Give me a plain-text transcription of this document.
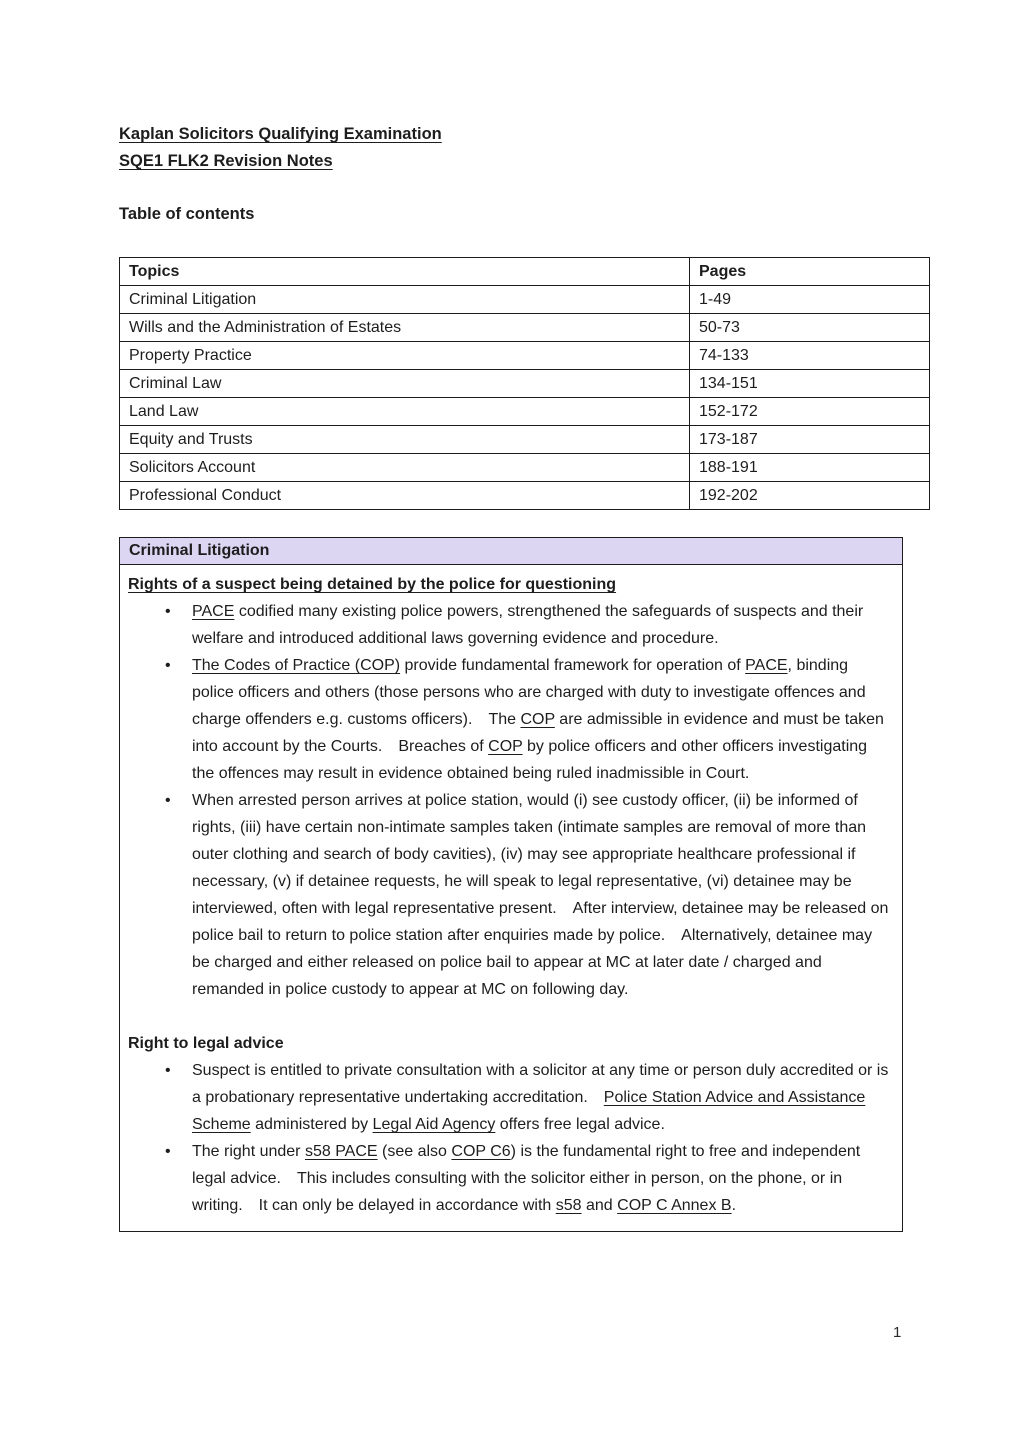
Kaplan Solicitors Qualifying Examination
SQE1 FLK2 Revision Notes
Table of contents
Topics	Pages
Criminal Litigation	1-49
Wills and the Administration of Estates	50-73
Property Practice	74-133
Criminal Law	134-151
Land Law	152-172
Equity and Trusts	173-187
Solicitors Account	188-191
Professional Conduct	192-202
Criminal Litigation
Rights of a suspect being detained by the police for questioning
•	PACE codified many existing police powers, strengthened the safeguards of suspects and their welfare and introduced additional laws governing evidence and procedure.
•	The Codes of Practice (COP) provide fundamental framework for operation of PACE, binding police officers and others (those persons who are charged with duty to investigate offences and charge offenders e.g. customs officers). The COP are admissible in evidence and must be taken into account by the Courts. Breaches of COP by police officers and other officers investigating the offences may result in evidence obtained being ruled inadmissible in Court.
•	When arrested person arrives at police station, would (i) see custody officer, (ii) be informed of rights, (iii) have certain non-intimate samples taken (intimate samples are removal of more than outer clothing and search of body cavities), (iv) may see appropriate healthcare professional if necessary, (v) if detainee requests, he will speak to legal representative, (vi) detainee may be interviewed, often with legal representative present. After interview, detainee may be released on police bail to return to police station after enquiries made by police. Alternatively, detainee may be charged and either released on police bail to appear at MC at later date / charged and remanded in police custody to appear at MC on following day.
Right to legal advice
•	Suspect is entitled to private consultation with a solicitor at any time or person duly accredited or is a probationary representative undertaking accreditation. Police Station Advice and Assistance Scheme administered by Legal Aid Agency offers free legal advice.
•	The right under s58 PACE (see also COP C6) is the fundamental right to free and independent legal advice. This includes consulting with the solicitor either in person, on the phone, or in writing. It can only be delayed in accordance with s58 and COP C Annex B.
1
